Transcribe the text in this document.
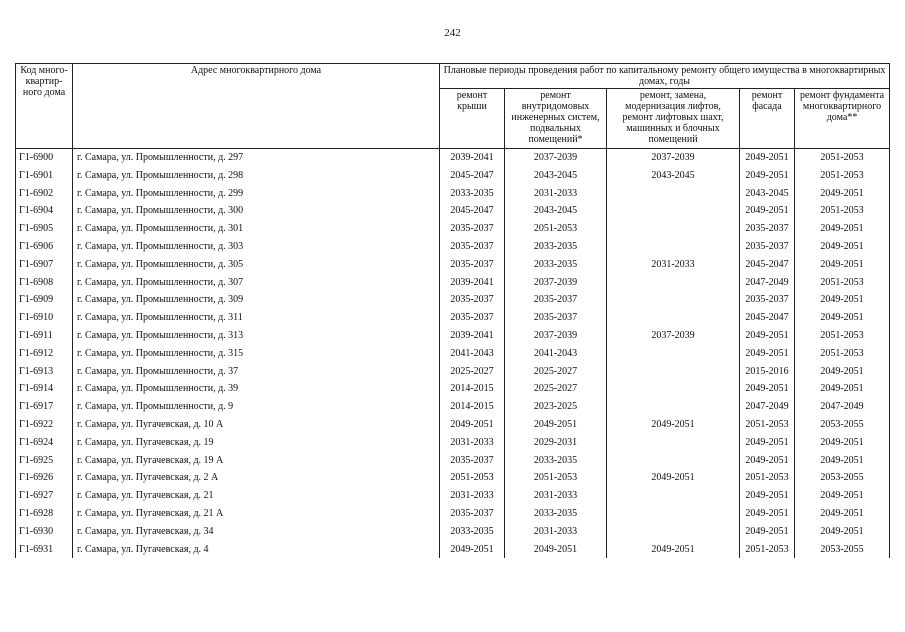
242
Код много-квартир-ного дома	Адрес многоквартирного дома	Плановые периоды проведения работ по капитальному ремонту общего имущества в многоквартирных домах, годы				
		ремонт крыши	ремонт внутридомовых инженерных систем, подвальных помещений*	ремонт, замена, модернизация лифтов, ремонт лифтовых шахт, машинных и блочных помещений	ремонт фасада	ремонт фундамента многоквартирного дома**
Г1-6900	г. Самара, ул. Промышленности, д. 297	2039-2041	2037-2039	2037-2039	2049-2051	2051-2053
Г1-6901	г. Самара, ул. Промышленности, д. 298	2045-2047	2043-2045	2043-2045	2049-2051	2051-2053
Г1-6902	г. Самара, ул. Промышленности, д. 299	2033-2035	2031-2033		2043-2045	2049-2051
Г1-6904	г. Самара, ул. Промышленности, д. 300	2045-2047	2043-2045		2049-2051	2051-2053
Г1-6905	г. Самара, ул. Промышленности, д. 301	2035-2037	2051-2053		2035-2037	2049-2051
Г1-6906	г. Самара, ул. Промышленности, д. 303	2035-2037	2033-2035		2035-2037	2049-2051
Г1-6907	г. Самара, ул. Промышленности, д. 305	2035-2037	2033-2035	2031-2033	2045-2047	2049-2051
Г1-6908	г. Самара, ул. Промышленности, д. 307	2039-2041	2037-2039		2047-2049	2051-2053
Г1-6909	г. Самара, ул. Промышленности, д. 309	2035-2037	2035-2037		2035-2037	2049-2051
Г1-6910	г. Самара, ул. Промышленности, д. 311	2035-2037	2035-2037		2045-2047	2049-2051
Г1-6911	г. Самара, ул. Промышленности, д. 313	2039-2041	2037-2039	2037-2039	2049-2051	2051-2053
Г1-6912	г. Самара, ул. Промышленности, д. 315	2041-2043	2041-2043		2049-2051	2051-2053
Г1-6913	г. Самара, ул. Промышленности, д. 37	2025-2027	2025-2027		2015-2016	2049-2051
Г1-6914	г. Самара, ул. Промышленности, д. 39	2014-2015	2025-2027		2049-2051	2049-2051
Г1-6917	г. Самара, ул. Промышленности, д. 9	2014-2015	2023-2025		2047-2049	2047-2049
Г1-6922	г. Самара, ул. Пугачевская, д. 10 А	2049-2051	2049-2051	2049-2051	2051-2053	2053-2055
Г1-6924	г. Самара, ул. Пугачевская, д. 19	2031-2033	2029-2031		2049-2051	2049-2051
Г1-6925	г. Самара, ул. Пугачевская, д. 19 А	2035-2037	2033-2035		2049-2051	2049-2051
Г1-6926	г. Самара, ул. Пугачевская, д. 2 А	2051-2053	2051-2053	2049-2051	2051-2053	2053-2055
Г1-6927	г. Самара, ул. Пугачевская, д. 21	2031-2033	2031-2033		2049-2051	2049-2051
Г1-6928	г. Самара, ул. Пугачевская, д. 21 А	2035-2037	2033-2035		2049-2051	2049-2051
Г1-6930	г. Самара, ул. Пугачевская, д. 34	2033-2035	2031-2033		2049-2051	2049-2051
Г1-6931	г. Самара, ул. Пугачевская, д. 4	2049-2051	2049-2051	2049-2051	2051-2053	2053-2055
